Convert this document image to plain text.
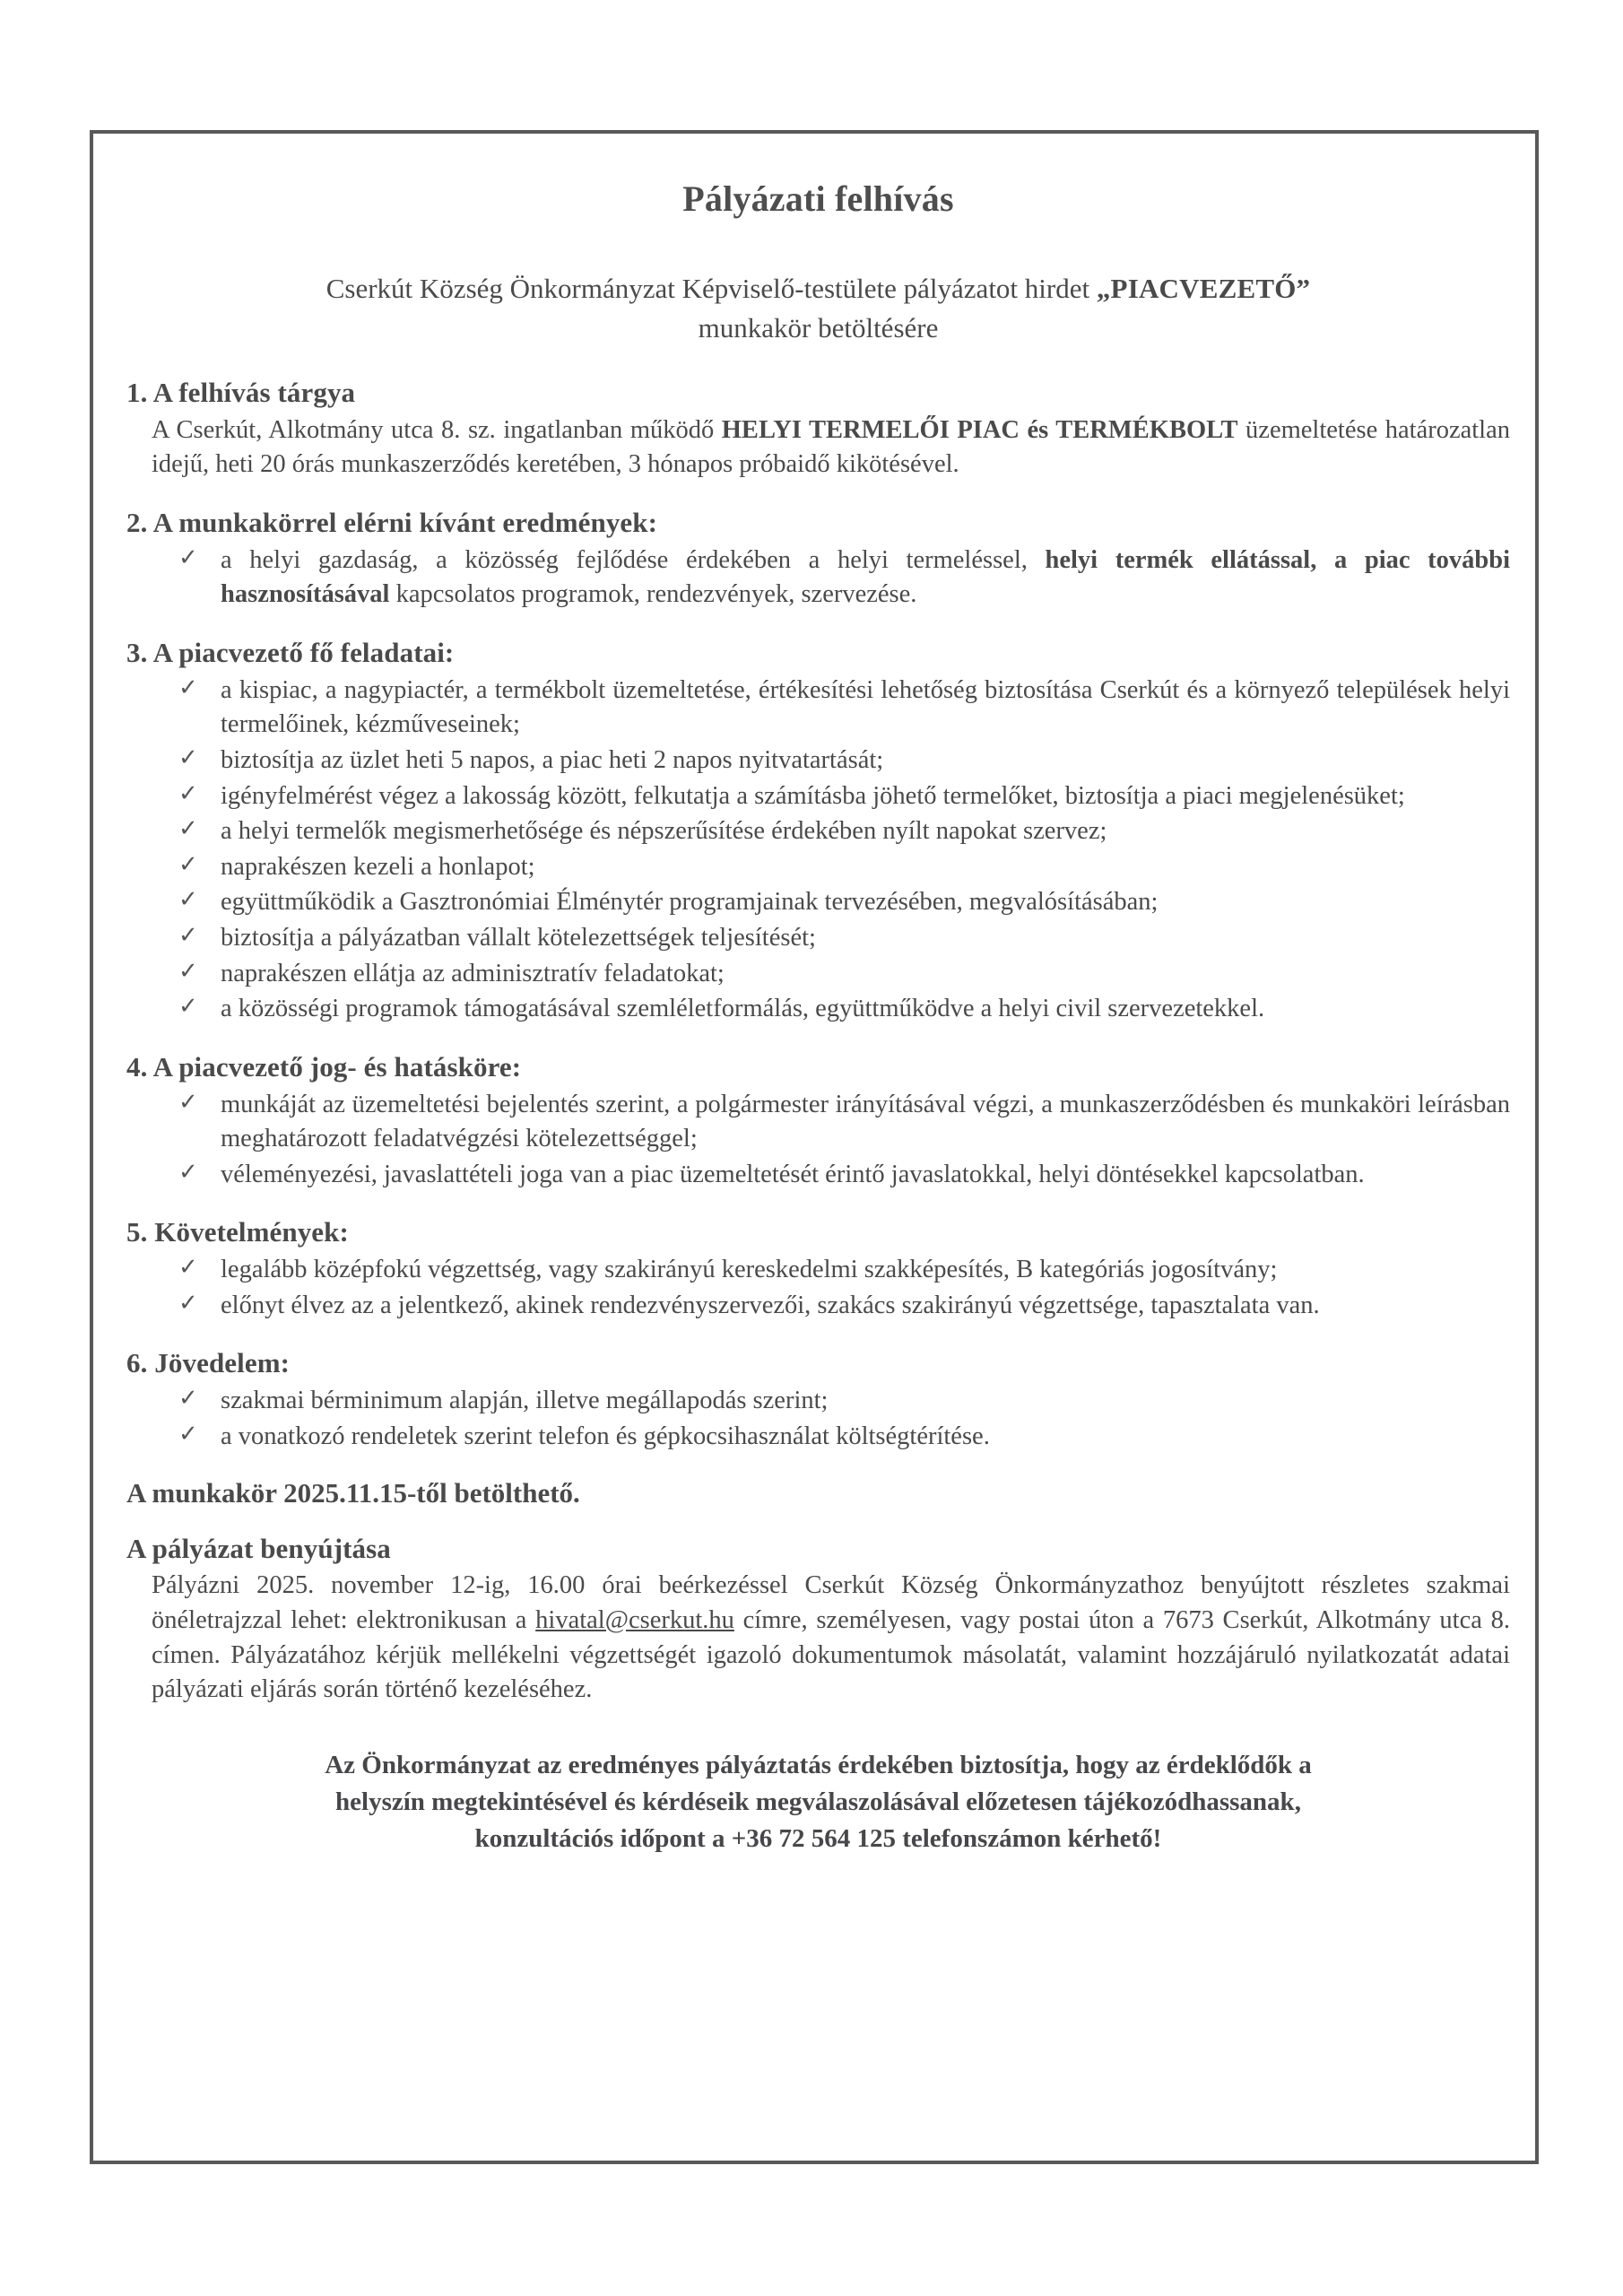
Pályázati felhívás

Cserkút Község Önkormányzat Képviselő-testülete pályázatot hirdet „PIACVEZETŐ”
munkakör betöltésére

1. A felhívás tárgya

A Cserkút, Alkotmány utca 8. sz. ingatlanban működő HELYI TERMELŐI PIAC és TERMÉKBOLT üzemeltetése határozatlan idejű, heti 20 órás munkaszerződés keretében, 3 hónapos próbaidő kikötésével.

2. A munkakörrel elérni kívánt eredmények:
✓ a helyi gazdaság, a közösség fejlődése érdekében a helyi termeléssel, helyi termék ellátással, a piac további hasznosításával kapcsolatos programok, rendezvények, szervezése.
3. A piacvezető fő feladatai:
✓ a kispiac, a nagypiactér, a termékbolt üzemeltetése, értékesítési lehetőség biztosítása Cserkút és a környező települések helyi termelőinek, kézműveseinek;
✓ biztosítja az üzlet heti 5 napos, a piac heti 2 napos nyitvatartását;
✓ igényfelmérést végez a lakosság között, felkutatja a számításba jöhető termelőket, biztosítja a piaci megjelenésüket;
✓ a helyi termelők megismerhetősége és népszerűsítése érdekében nyílt napokat szervez;
✓ naprakészen kezeli a honlapot;
✓ együttműködik a Gasztronómiai Élménytér programjainak tervezésében, megvalósításában;
✓ biztosítja a pályázatban vállalt kötelezettségek teljesítését;
✓ naprakészen ellátja az adminisztratív feladatokat;
✓ a közösségi programok támogatásával szemléletformálás, együttműködve a helyi civil szervezetekkel.
4. A piacvezető jog- és hatásköre:
✓ munkáját az üzemeltetési bejelentés szerint, a polgármester irányításával végzi, a munkaszerződésben és munkaköri leírásban meghatározott feladatvégzési kötelezettséggel;
✓ véleményezési, javaslattételi joga van a piac üzemeltetését érintő javaslatokkal, helyi döntésekkel kapcsolatban.
5. Követelmények:
✓ legalább középfokú végzettség, vagy szakirányú kereskedelmi szakképesítés, B kategóriás jogosítvány;
✓ előnyt élvez az a jelentkező, akinek rendezvényszervezői, szakács szakirányú végzettsége, tapasztalata van.
6. Jövedelem:
✓ szakmai bérminimum alapján, illetve megállapodás szerint;
✓ a vonatkozó rendeletek szerint telefon és gépkocsihasználat költségtérítése.

A munkakör 2025.11.15-től betölthető.

A pályázat benyújtása

Pályázni 2025. november 12-ig, 16.00 órai beérkezéssel Cserkút Község Önkormányzathoz benyújtott részletes szakmai önéletrajzzal lehet: elektronikusan a hivatal@cserkut.hu címre, személyesen, vagy postai úton a 7673 Cserkút, Alkotmány utca 8. címen. Pályázatához kérjük mellékelni végzettségét igazoló dokumentumok másolatát, valamint hozzájáruló nyilatkozatát adatai pályázati eljárás során történő kezeléséhez.

Az Önkormányzat az eredményes pályáztatás érdekében biztosítja, hogy az érdeklődők a
helyszín megtekintésével és kérdéseik megválaszolásával előzetesen tájékozódhassanak,
konzultációs időpont a +36 72 564 125 telefonszámon kérhető!
